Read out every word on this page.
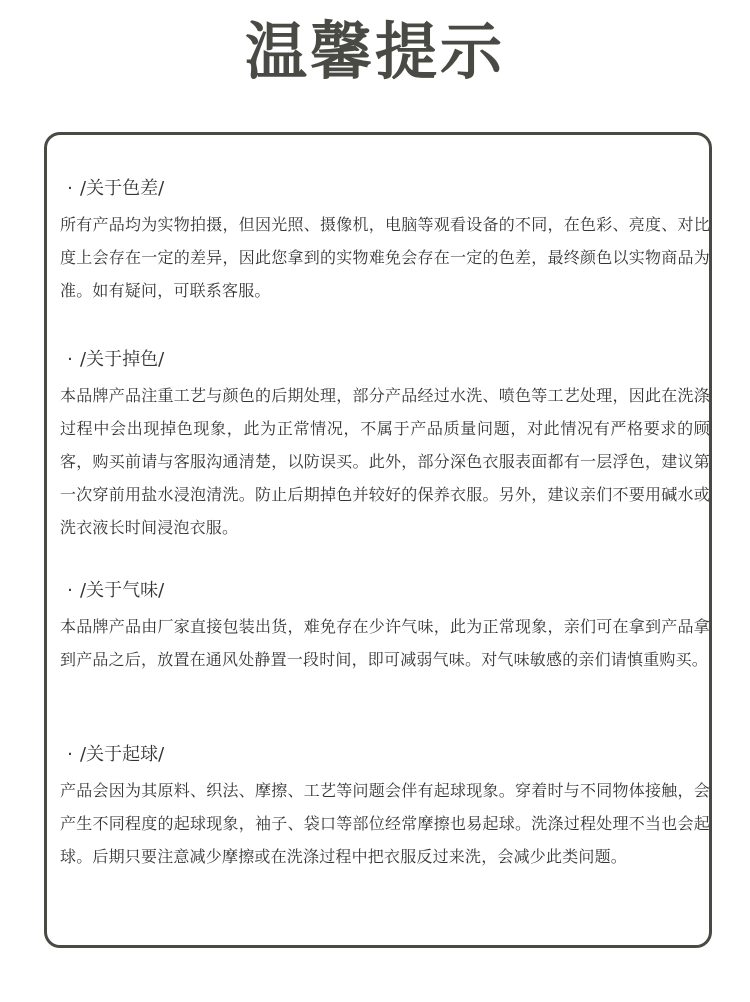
温馨提示
· /关于色差/

所有产品均为实物拍摄，但因光照、摄像机，电脑等观看设备的不同，在色彩、亮度、对比度上会存在一定的差异，因此您拿到的实物难免会存在一定的色差，最终颜色以实物商品为准。如有疑问，可联系客服。

· /关于掉色/

本品牌产品注重工艺与颜色的后期处理，部分产品经过水洗、喷色等工艺处理，因此在洗涤过程中会出现掉色现象，此为正常情况，不属于产品质量问题，对此情况有严格要求的顾客，购买前请与客服沟通清楚，以防误买。此外，部分深色衣服表面都有一层浮色，建议第一次穿前用盐水浸泡清洗。防止后期掉色并较好的保养衣服。另外，建议亲们不要用碱水或洗衣液长时间浸泡衣服。

· /关于气味/

本品牌产品由厂家直接包装出货，难免存在少许气味，此为正常现象，亲们可在拿到产品拿到产品之后，放置在通风处静置一段时间，即可减弱气味。对气味敏感的亲们请慎重购买。

· /关于起球/

产品会因为其原料、织法、摩擦、工艺等问题会伴有起球现象。穿着时与不同物体接触，会产生不同程度的起球现象，袖子、袋口等部位经常摩擦也易起球。洗涤过程处理不当也会起球。后期只要注意减少摩擦或在洗涤过程中把衣服反过来洗，会减少此类问题。
